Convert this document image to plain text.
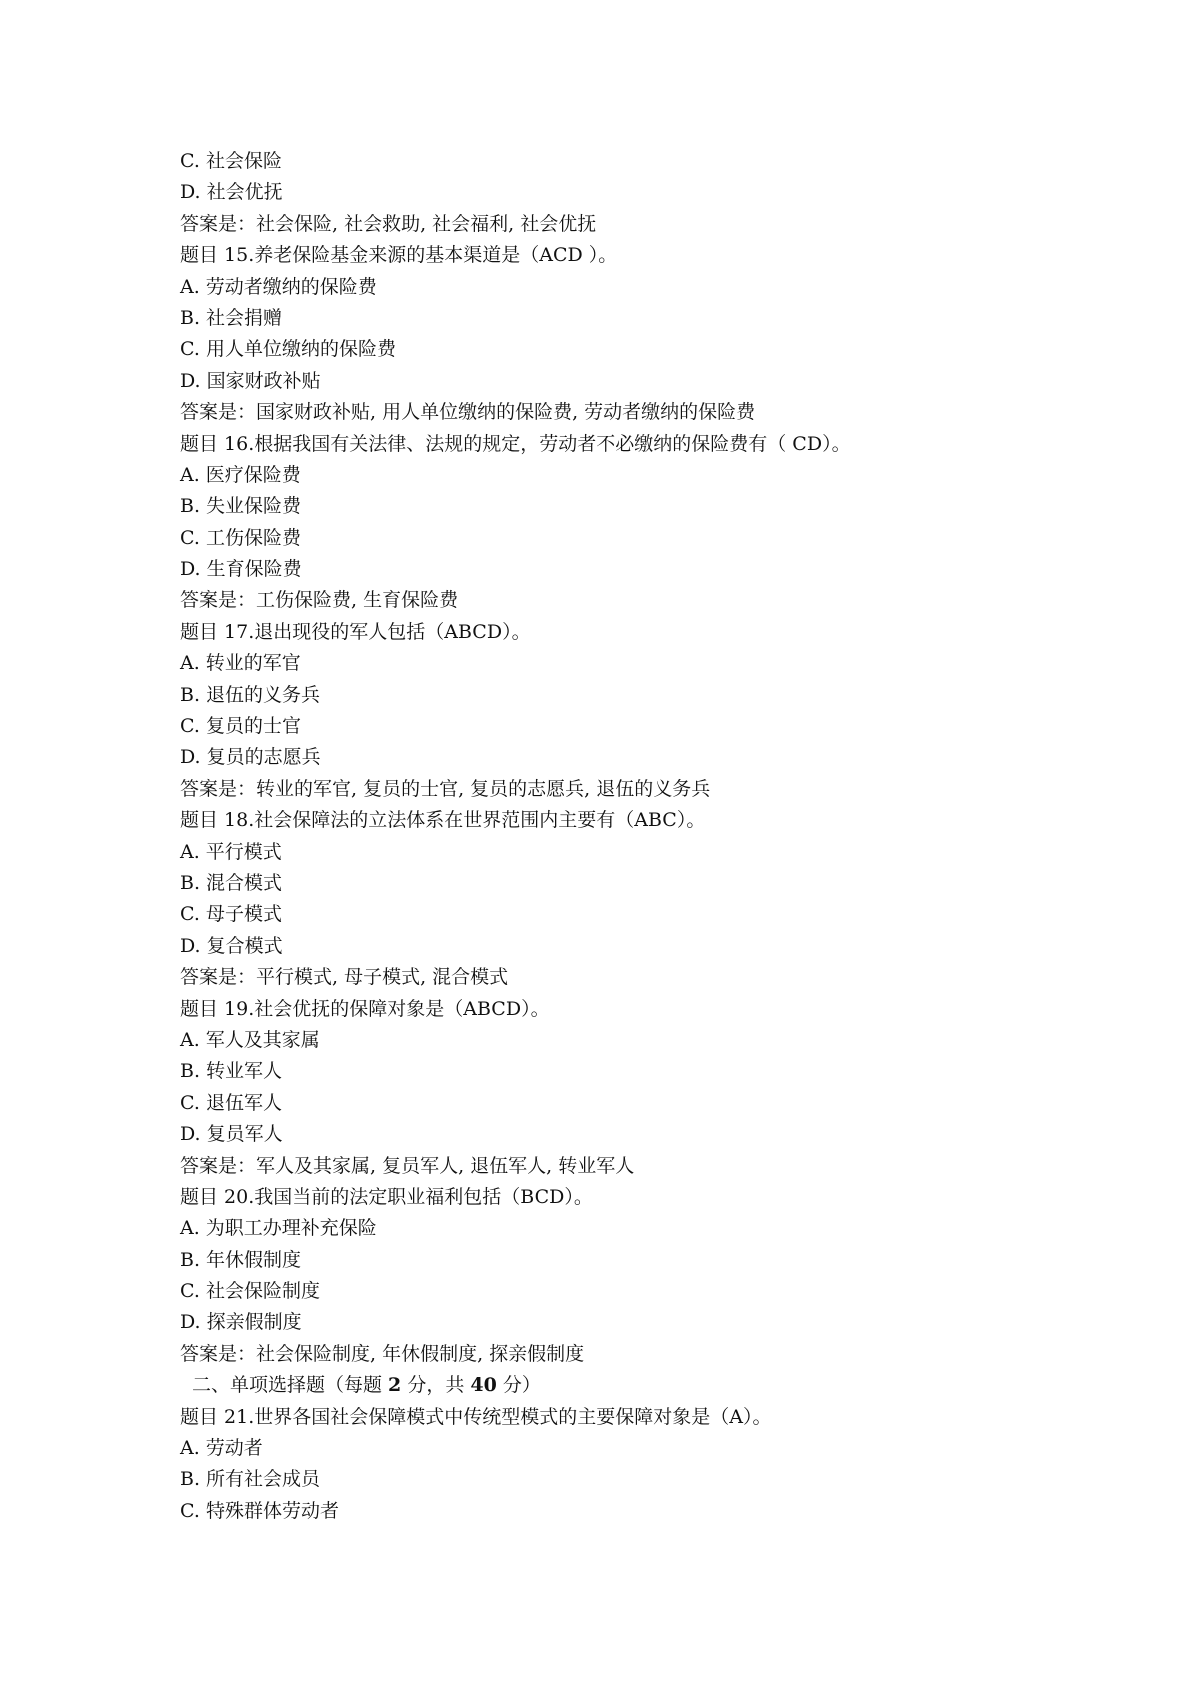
C. 社会保险
D. 社会优抚
答案是：社会保险, 社会救助, 社会福利, 社会优抚
题目 15.养老保险基金来源的基本渠道是（ACD ）。
A. 劳动者缴纳的保险费
B. 社会捐赠
C. 用人单位缴纳的保险费
D. 国家财政补贴
答案是：国家财政补贴, 用人单位缴纳的保险费, 劳动者缴纳的保险费
题目 16.根据我国有关法律、法规的规定，劳动者不必缴纳的保险费有（ CD）。
A. 医疗保险费
B. 失业保险费
C. 工伤保险费
D. 生育保险费
答案是：工伤保险费, 生育保险费
题目 17.退出现役的军人包括（ABCD）。
A. 转业的军官
B. 退伍的义务兵
C. 复员的士官
D. 复员的志愿兵
答案是：转业的军官, 复员的士官, 复员的志愿兵, 退伍的义务兵
题目 18.社会保障法的立法体系在世界范围内主要有（ABC）。
A. 平行模式
B. 混合模式
C. 母子模式
D. 复合模式
答案是：平行模式, 母子模式, 混合模式
题目 19.社会优抚的保障对象是（ABCD）。
A. 军人及其家属
B. 转业军人
C. 退伍军人
D. 复员军人
答案是：军人及其家属, 复员军人, 退伍军人, 转业军人
题目 20.我国当前的法定职业福利包括（BCD）。
A. 为职工办理补充保险
B. 年休假制度
C. 社会保险制度
D. 探亲假制度
答案是：社会保险制度, 年休假制度, 探亲假制度
二、单项选择题（每题 2 分，共 40 分）
题目 21.世界各国社会保障模式中传统型模式的主要保障对象是（A）。
A. 劳动者
B. 所有社会成员
C. 特殊群体劳动者
